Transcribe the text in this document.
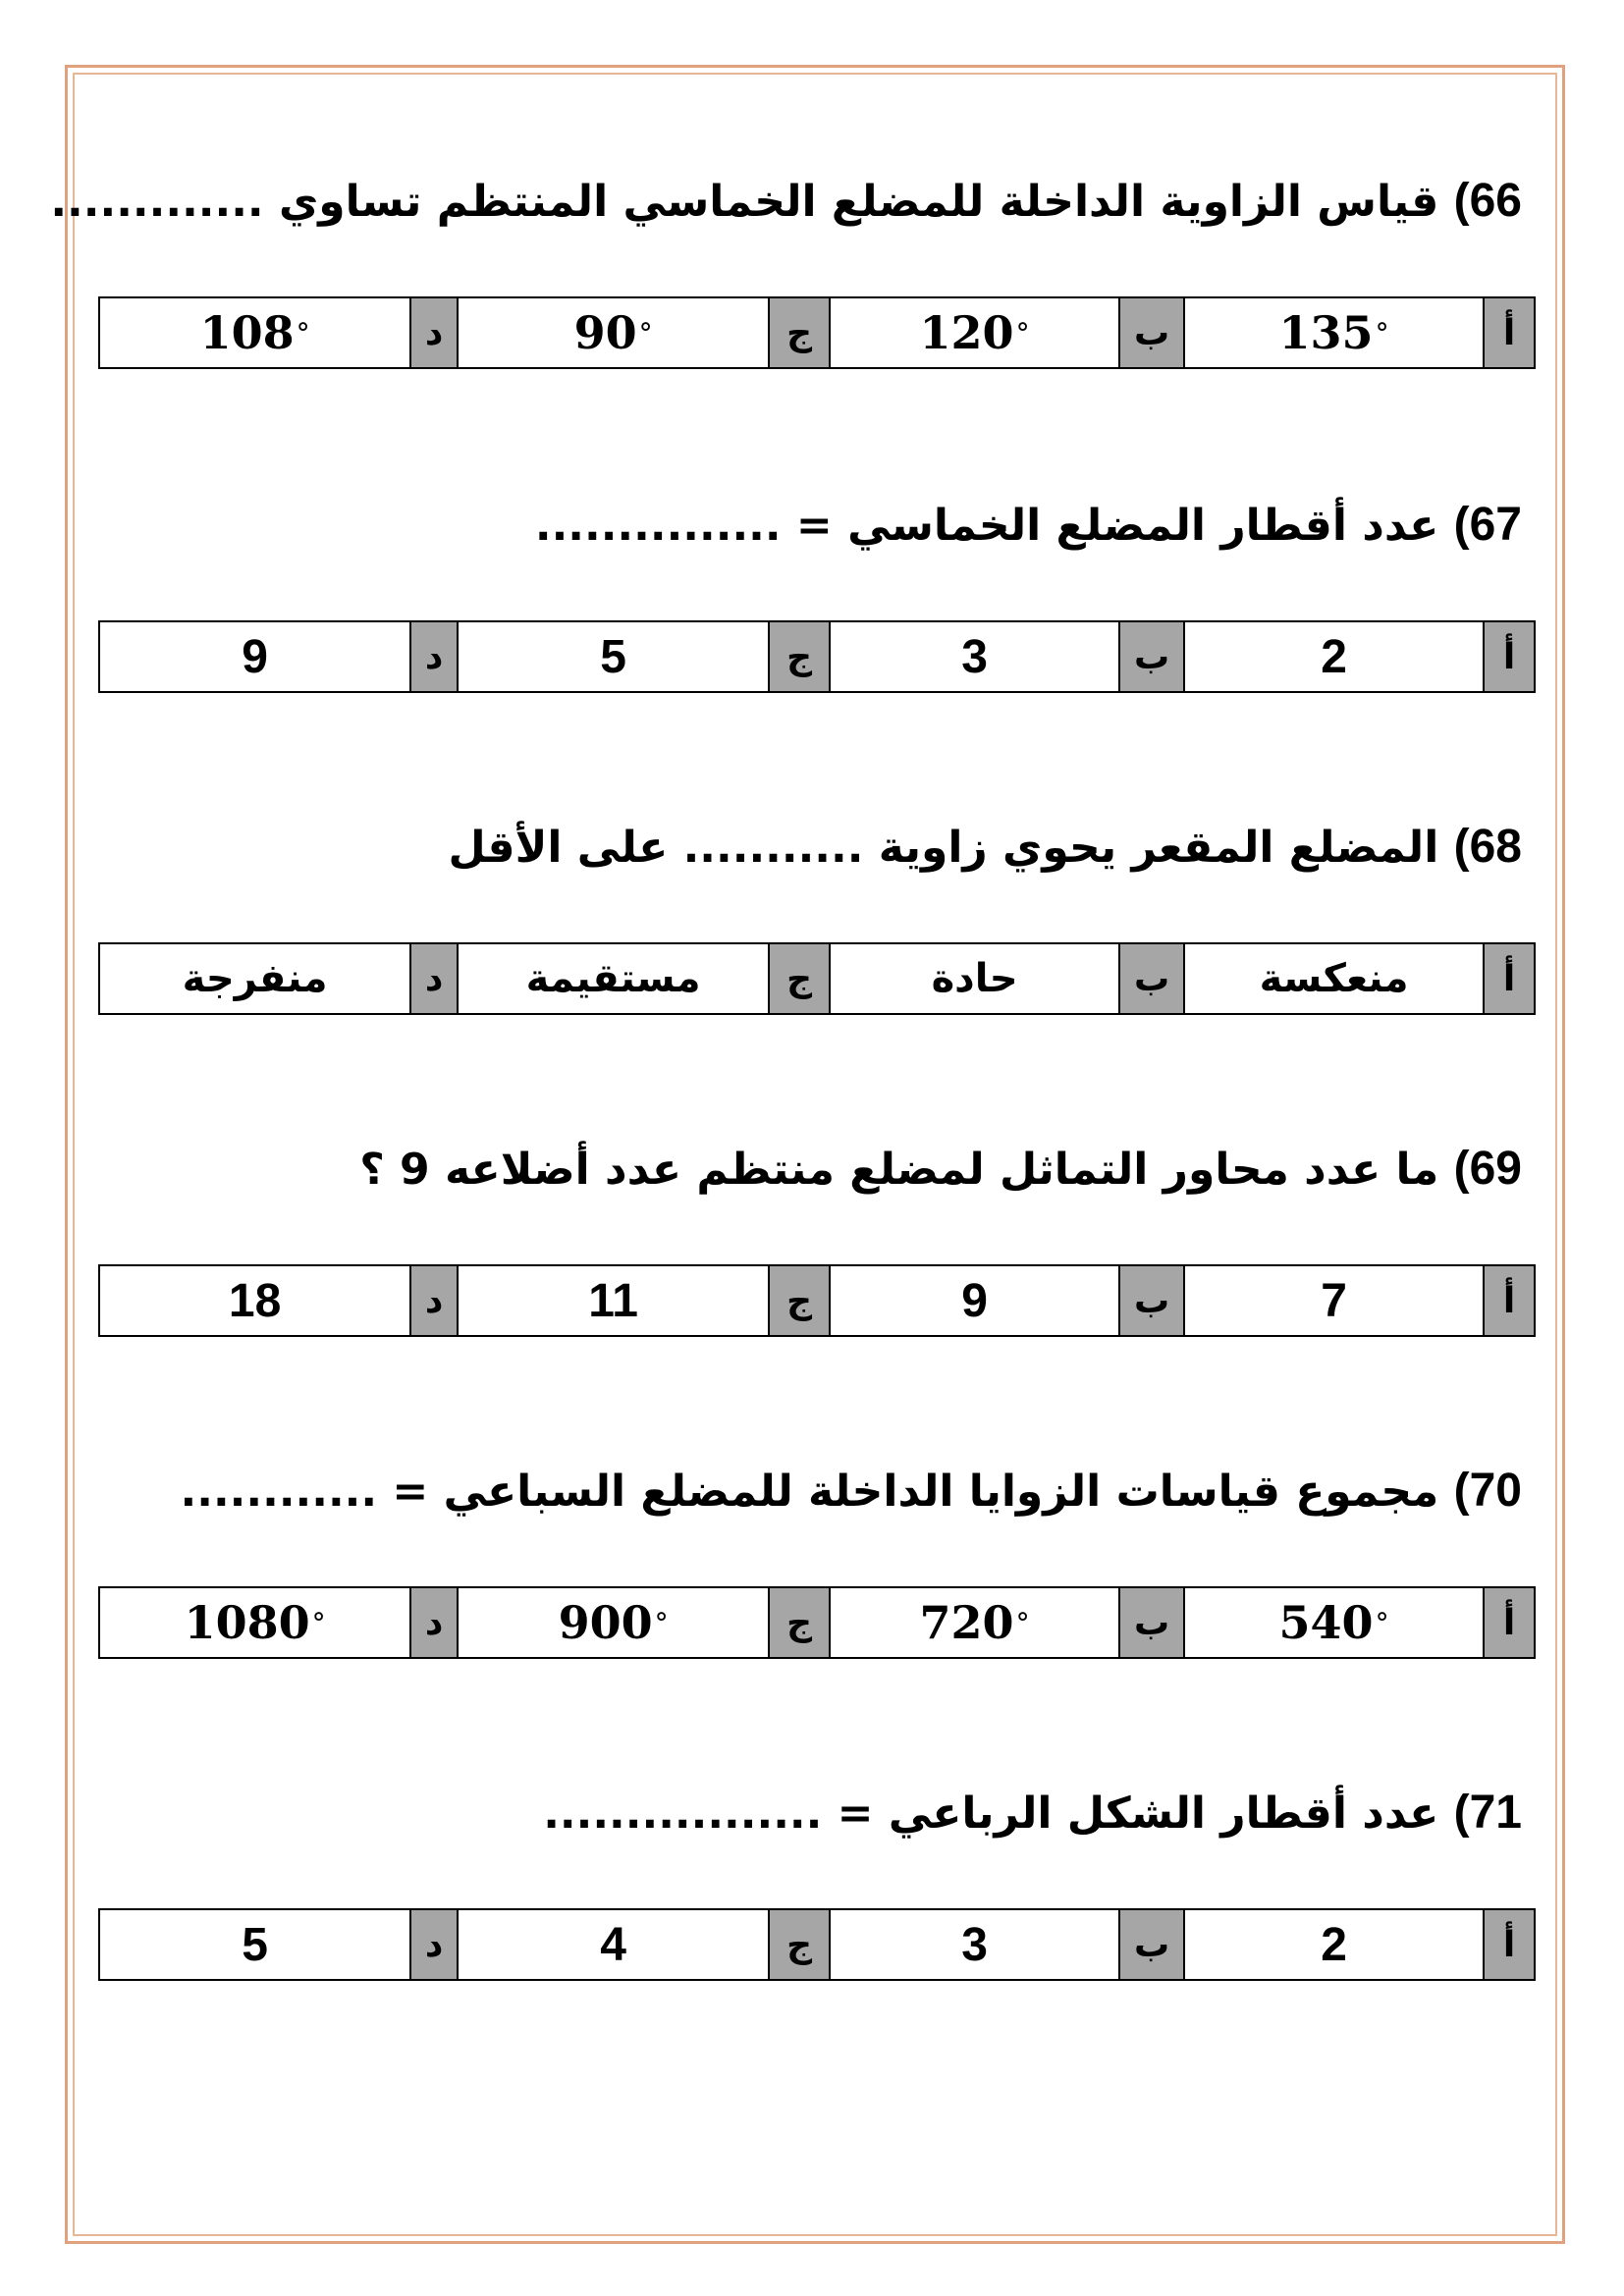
66) قياس الزاوية الداخلة للمضلع الخماسي المنتظم تساوي .............
أ
135 °
ب
120 °
ج
90 °
د
108 °
67) عدد أقطار المضلع الخماسي = ...............
أ
2
ب
3
ج
5
د
9
68) المضلع المقعر يحوي زاوية ........... على الأقل
أ
منعكسة
ب
حادة
ج
مستقيمة
د
منفرجة
69) ما عدد محاور التماثل لمضلع منتظم عدد أضلاعه 9 ؟
أ
7
ب
9
ج
11
د
18
70) مجموع قياسات الزوايا الداخلة للمضلع السباعي = ............
أ
540 °
ب
720 °
ج
900 °
د
1080 °
71) عدد أقطار الشكل الرباعي = .................
أ
2
ب
3
ج
4
د
5
